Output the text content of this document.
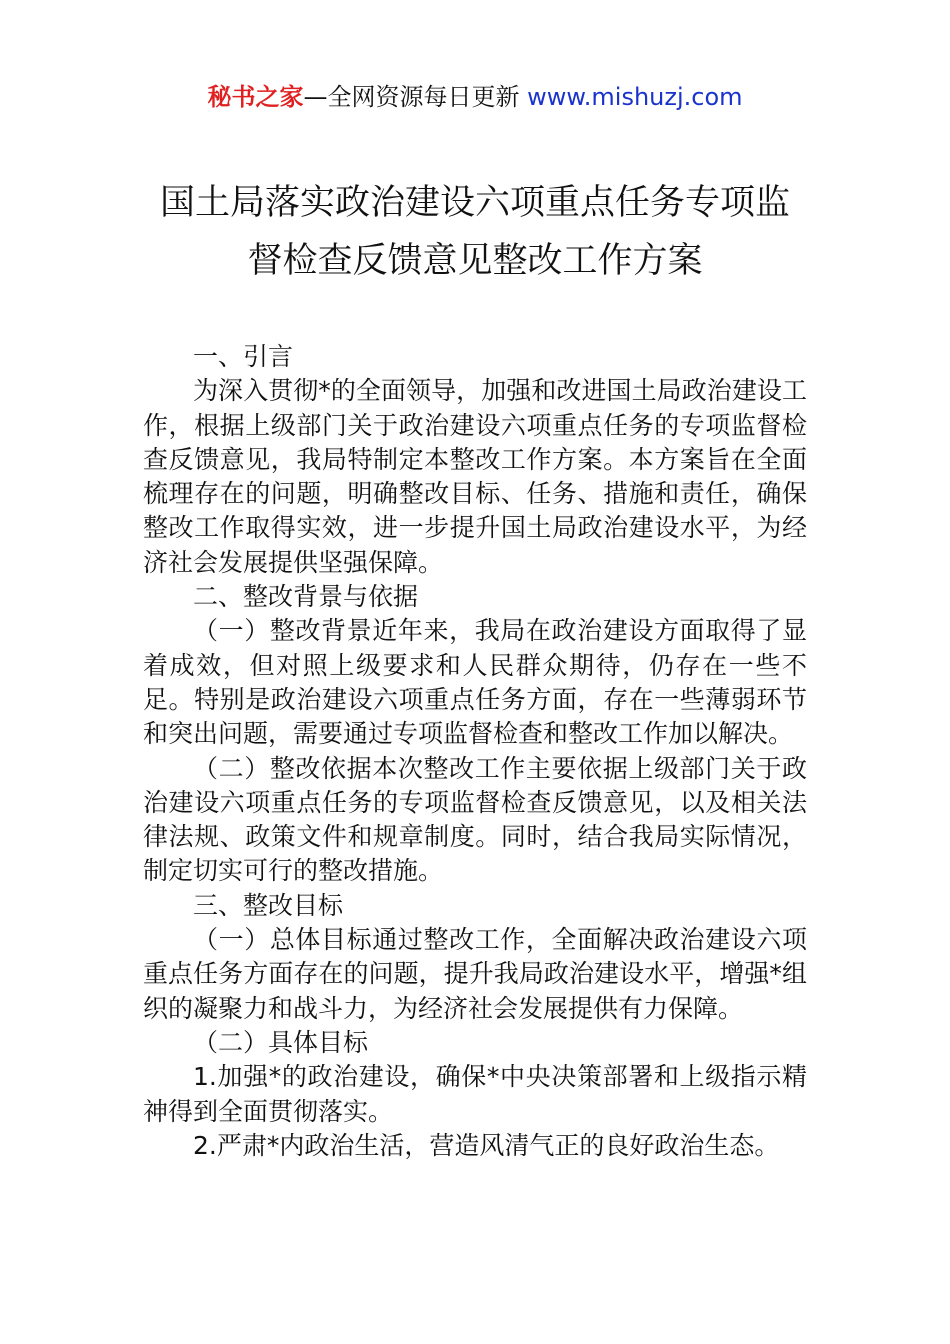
秘书之家—全网资源每日更新 www.mishuzj.com
国土局落实政治建设六项重点任务专项监
督检查反馈意见整改工作方案

一、引言

为深入贯彻*的全面领导，加强和改进国土局政治建设工作，根据上级部门关于政治建设六项重点任务的专项监督检查反馈意见，我局特制定本整改工作方案。本方案旨在全面梳理存在的问题，明确整改目标、任务、措施和责任，确保整改工作取得实效，进一步提升国土局政治建设水平，为经济社会发展提供坚强保障。

二、整改背景与依据

（一）整改背景近年来，我局在政治建设方面取得了显着成效，但对照上级要求和人民群众期待，仍存在一些不足。特别是政治建设六项重点任务方面，存在一些薄弱环节和突出问题，需要通过专项监督检查和整改工作加以解决。

（二）整改依据本次整改工作主要依据上级部门关于政治建设六项重点任务的专项监督检查反馈意见，以及相关法律法规、政策文件和规章制度。同时，结合我局实际情况，制定切实可行的整改措施。

三、整改目标

（一）总体目标通过整改工作，全面解决政治建设六项重点任务方面存在的问题，提升我局政治建设水平，增强*组织的凝聚力和战斗力，为经济社会发展提供有力保障。

（二）具体目标

1.加强*的政治建设，确保*中央决策部署和上级指示精神得到全面贯彻落实。

2.严肃*内政治生活，营造风清气正的良好政治生态。
